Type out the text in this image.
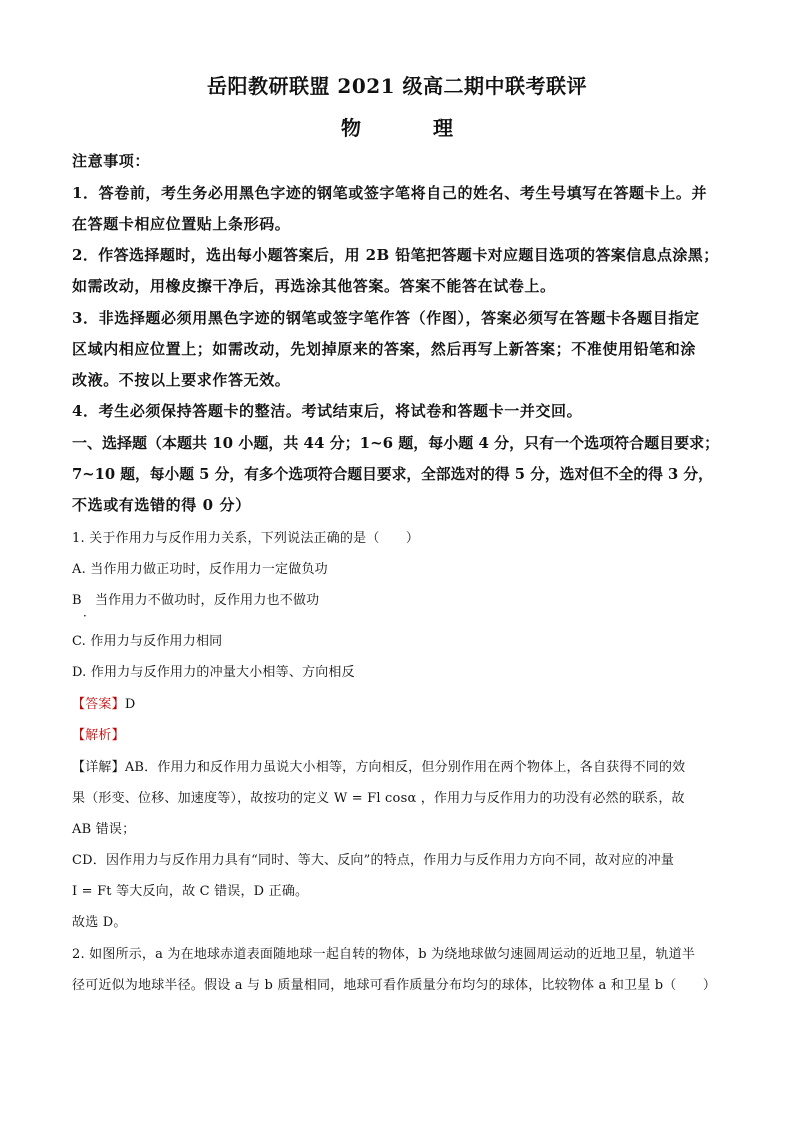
岳阳教研联盟 2021 级高二期中联考联评
物　理
注意事项：
1．答卷前，考生务必用黑色字迹的钢笔或签字笔将自己的姓名、考生号填写在答题卡上。并
在答题卡相应位置贴上条形码。
2．作答选择题时，选出每小题答案后，用 2B 铅笔把答题卡对应题目选项的答案信息点涂黑；
如需改动，用橡皮擦干净后，再选涂其他答案。答案不能答在试卷上。
3．非选择题必须用黑色字迹的钢笔或签字笔作答（作图），答案必须写在答题卡各题目指定
区域内相应位置上；如需改动，先划掉原来的答案，然后再写上新答案；不准使用铅笔和涂
改液。不按以上要求作答无效。
4．考生必须保持答题卡的整洁。考试结束后，将试卷和答题卡一并交回。
一、选择题（本题共 10 小题，共 44 分；1~6 题，每小题 4 分，只有一个选项符合题目要求；
7~10 题，每小题 5 分，有多个选项符合题目要求，全部选对的得 5 分，选对但不全的得 3 分，
不选或有选错的得 0 分）
1. 关于作用力与反作用力关系，下列说法正确的是（　　）
A. 当作用力做正功时，反作用力一定做负功
B　当作用力不做功时，反作用力也不做功
．
C. 作用力与反作用力相同
D. 作用力与反作用力的冲量大小相等、方向相反
【答案】D
【解析】
【详解】AB．作用力和反作用力虽说大小相等，方向相反，但分别作用在两个物体上，各自获得不同的效
果（形变、位移、加速度等），故按功的定义 W = Fl cosα ，作用力与反作用力的功没有必然的联系，故
AB 错误；
CD．因作用力与反作用力具有“同时、等大、反向”的特点，作用力与反作用力方向不同，故对应的冲量
I = Ft 等大反向，故 C 错误，D 正确。
故选 D。
2. 如图所示，a 为在地球赤道表面随地球一起自转的物体，b 为绕地球做匀速圆周运动的近地卫星，轨道半
径可近似为地球半径。假设 a 与 b 质量相同，地球可看作质量分布均匀的球体，比较物体 a 和卫星 b（　　）
